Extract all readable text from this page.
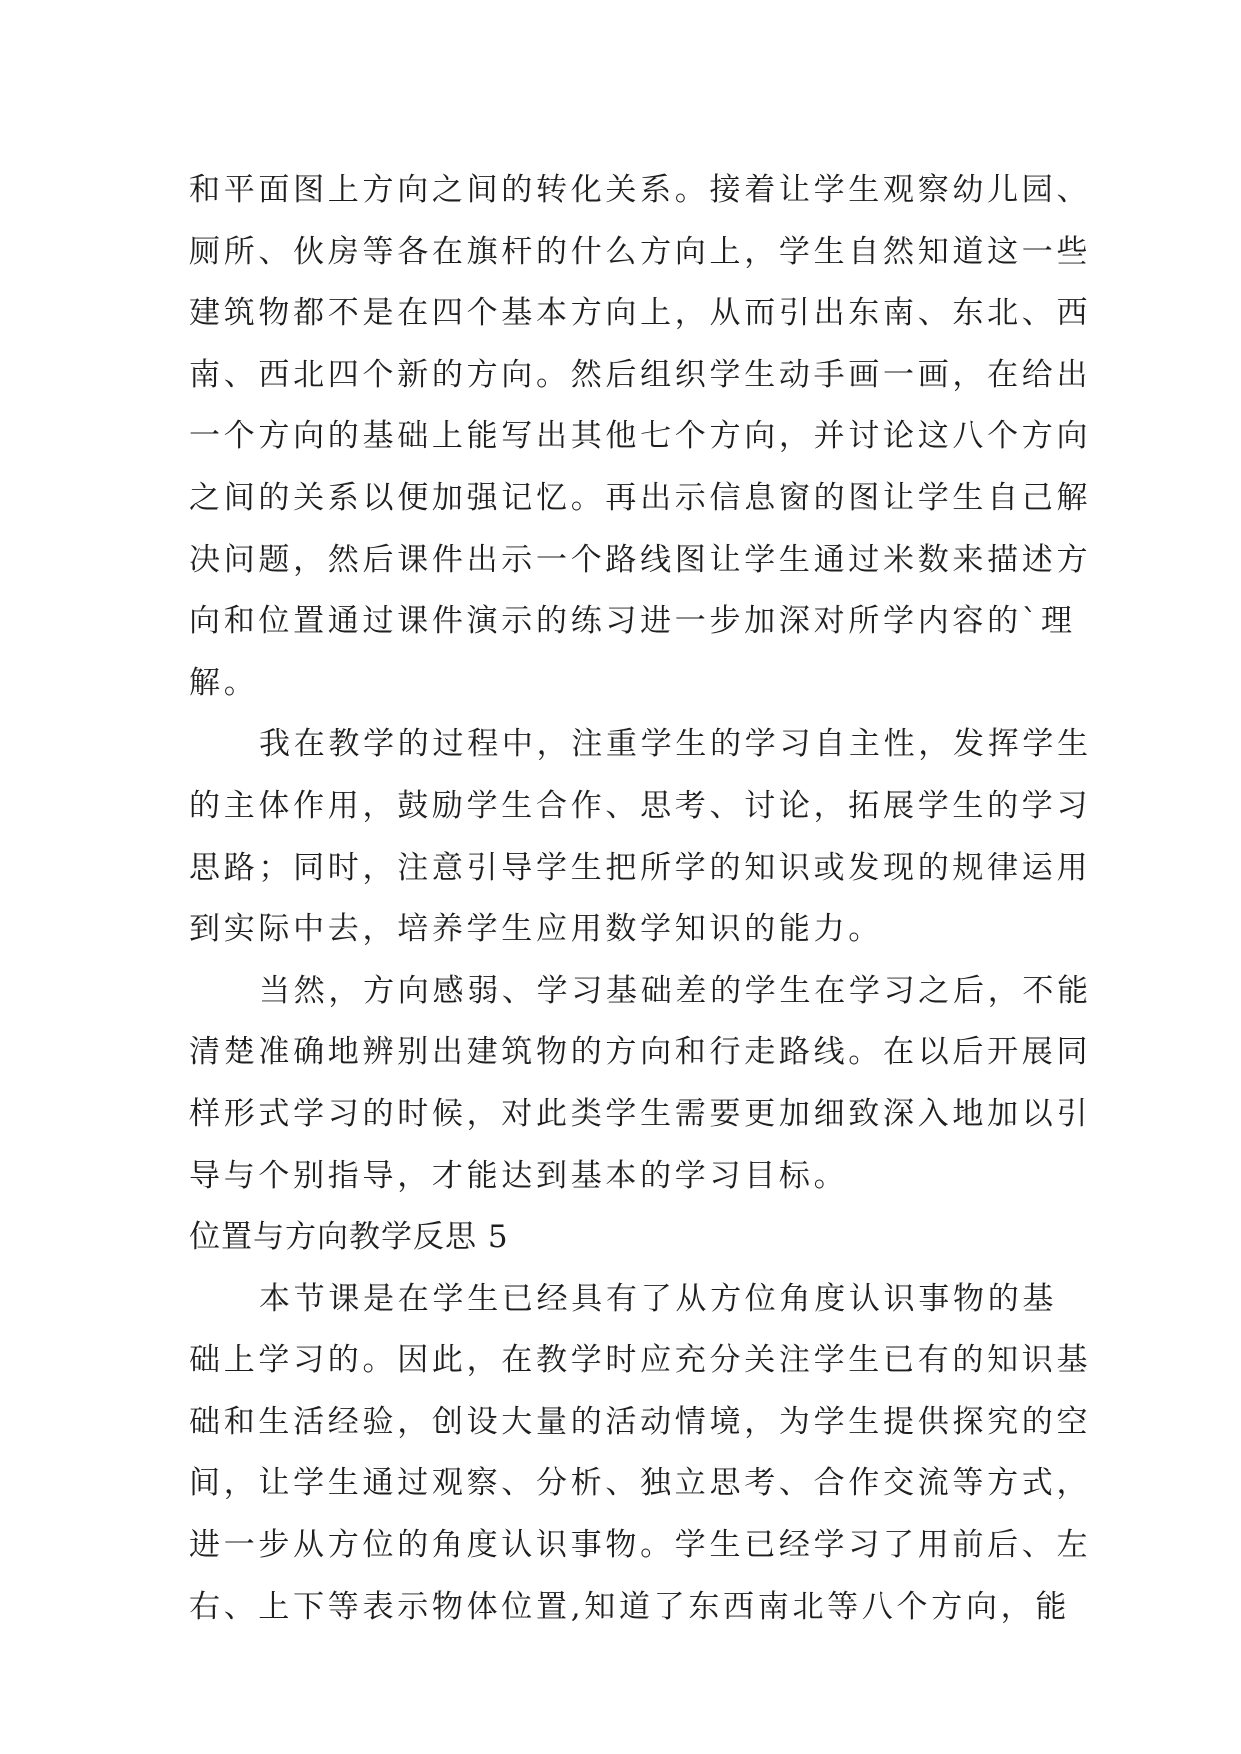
和平面图上方向之间的转化关系。接着让学生观察幼儿园、
厕所、伙房等各在旗杆的什么方向上，学生自然知道这一些
建筑物都不是在四个基本方向上，从而引出东南、东北、西
南、西北四个新的方向。然后组织学生动手画一画，在给出
一个方向的基础上能写出其他七个方向，并讨论这八个方向
之间的关系以便加强记忆。再出示信息窗的图让学生自己解
决问题，然后课件出示一个路线图让学生通过米数来描述方
向和位置通过课件演示的练习进一步加深对所学内容的`理
解。
我在教学的过程中，注重学生的学习自主性，发挥学生
的主体作用，鼓励学生合作、思考、讨论，拓展学生的学习
思路；同时，注意引导学生把所学的知识或发现的规律运用
到实际中去，培养学生应用数学知识的能力。
当然，方向感弱、学习基础差的学生在学习之后，不能
清楚准确地辨别出建筑物的方向和行走路线。在以后开展同
样形式学习的时候，对此类学生需要更加细致深入地加以引
导与个别指导，才能达到基本的学习目标。
位置与方向教学反思 5
本节课是在学生已经具有了从方位角度认识事物的基
础上学习的。因此，在教学时应充分关注学生已有的知识基
础和生活经验，创设大量的活动情境，为学生提供探究的空
间，让学生通过观察、分析、独立思考、合作交流等方式，
进一步从方位的角度认识事物。学生已经学习了用前后、左
右、上下等表示物体位置,知道了东西南北等八个方向，能
